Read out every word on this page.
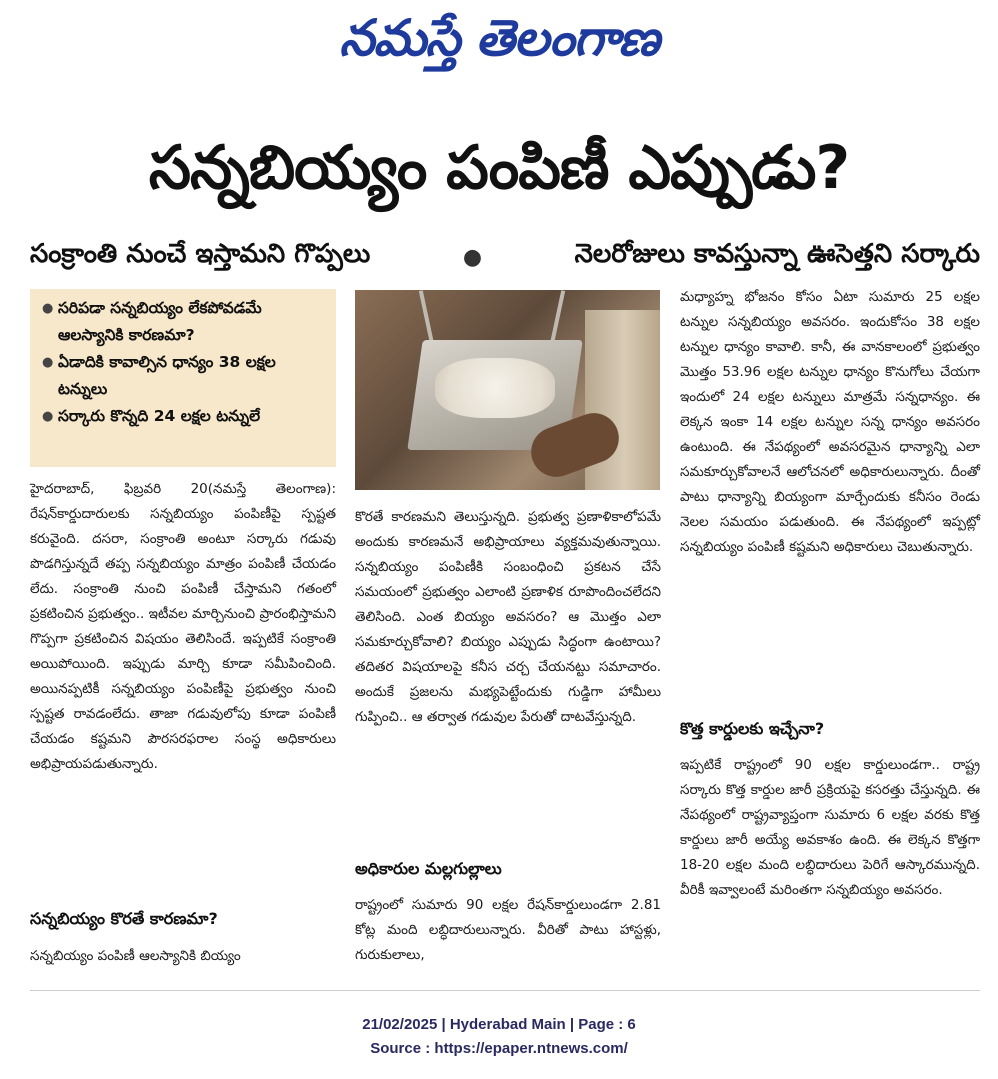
నమస్తే తెలంగాణ
సన్నబియ్యం పంపిణీ ఎప్పుడు?
సంక్రాంతి నుంచే ఇస్తామని గొప్పలు	●	నెలరోజులు కావస్తున్నా ఊసెత్తని సర్కారు
● సరిపడా సన్నబియ్యం లేకపోవడమే ఆలస్యానికి కారణమా?
● ఏడాదికి కావాల్సిన ధాన్యం 38 లక్షల టన్నులు
● సర్కారు కొన్నది 24 లక్షల టన్నులే

హైదరాబాద్, ఫిబ్రవరి 20(నమస్తే తెలంగాణ): రేషన్‌కార్డుదారులకు సన్నబియ్యం పంపిణీపై స్పష్టత కరువైంది. దసరా, సంక్రాంతి అంటూ సర్కారు గడువు పొడగిస్తున్నదే తప్ప సన్నబియ్యం మాత్రం పంపిణీ చేయడం లేదు. సంక్రాంతి నుంచి పంపిణీ చేస్తామని గతంలో ప్రకటించిన ప్రభుత్వం.. ఇటీవల మార్చినుంచి ప్రారంభిస్తామని గొప్పగా ప్రకటించిన విషయం తెలిసిందే. ఇప్పటికే సంక్రాంతి అయిపోయింది. ఇప్పుడు మార్చి కూడా సమీపించింది. అయినప్పటికీ సన్నబియ్యం పంపిణీపై ప్రభుత్వం నుంచి స్పష్టత రావడంలేదు. తాజా గడువులోపు కూడా పంపిణీ చేయడం కష్టమని పౌరసరఫరాల సంస్థ అధికారులు అభిప్రాయపడుతున్నారు.

సన్నబియ్యం కొరతే కారణమా?

సన్నబియ్యం పంపిణీ ఆలస్యానికి బియ్యం

కొరతే కారణమని తెలుస్తున్నది. ప్రభుత్వ ప్రణాళికాలోపమే అందుకు కారణమనే అభిప్రాయాలు వ్యక్తమవుతున్నాయి. సన్నబియ్యం పంపిణీకి సంబంధించి ప్రకటన చేసే సమయంలో ప్రభుత్వం ఎలాంటి ప్రణాళిక రూపొందించలేదని తెలిసింది. ఎంత బియ్యం అవసరం? ఆ మొత్తం ఎలా సమకూర్చుకోవాలి? బియ్యం ఎప్పుడు సిద్ధంగా ఉంటాయి? తదితర విషయాలపై కనీస చర్చ చేయనట్టు సమాచారం. అందుకే ప్రజలను మభ్యపెట్టేందుకు గుడ్డిగా హామీలు గుప్పించి.. ఆ తర్వాత గడువుల పేరుతో దాటవేస్తున్నది.

అధికారుల మల్లగుల్లాలు

రాష్ట్రంలో సుమారు 90 లక్షల రేషన్‌కార్డులుండగా 2.81 కోట్ల మంది లబ్ధిదారులున్నారు. వీరితో పాటు హాస్టళ్లు, గురుకులాలు,

మధ్యాహ్న భోజనం కోసం ఏటా సుమారు 25 లక్షల టన్నుల సన్నబియ్యం అవసరం. ఇందుకోసం 38 లక్షల టన్నుల ధాన్యం కావాలి. కానీ, ఈ వానకాలంలో ప్రభుత్వం మొత్తం 53.96 లక్షల టన్నుల ధాన్యం కొనుగోలు చేయగా ఇందులో 24 లక్షల టన్నులు మాత్రమే సన్నధాన్యం. ఈ లెక్కన ఇంకా 14 లక్షల టన్నుల సన్న ధాన్యం అవసరం ఉంటుంది. ఈ నేపథ్యంలో అవసరమైన ధాన్యాన్ని ఎలా సమకూర్చుకోవాలనే ఆలోచనలో అధికారులున్నారు. దీంతో పాటు ధాన్యాన్ని బియ్యంగా మార్చేందుకు కనీసం రెండు నెలల సమయం పడుతుంది. ఈ నేపథ్యంలో ఇప్పట్లో సన్నబియ్యం పంపిణీ కష్టమని అధికారులు చెబుతున్నారు.

కొత్త కార్డులకు ఇచ్చేనా?

ఇప్పటికే రాష్ట్రంలో 90 లక్షల కార్డులుండగా.. రాష్ట్ర సర్కారు కొత్త కార్డుల జారీ ప్రక్రియపై కసరత్తు చేస్తున్నది. ఈ నేపథ్యంలో రాష్ట్రవ్యాప్తంగా సుమారు 6 లక్షల వరకు కొత్త కార్డులు జారీ అయ్యే అవకాశం ఉంది. ఈ లెక్కన కొత్తగా 18-20 లక్షల మంది లబ్ధిదారులు పెరిగే ఆస్కారమున్నది. వీరికీ ఇవ్వాలంటే మరింతగా సన్నబియ్యం అవసరం.

21/02/2025 | Hyderabad Main | Page : 6
Source : https://epaper.ntnews.com/
